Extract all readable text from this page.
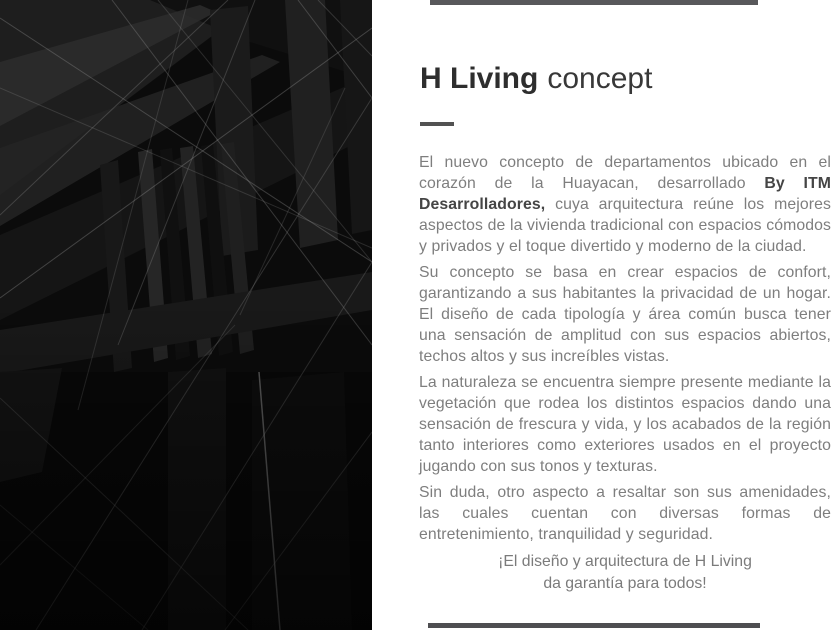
H Living concept

El nuevo concepto de departamentos ubicado en el corazón de la Huayacan, desarrollado By ITM Desarrolladores, cuya arquitectura reúne los mejores aspectos de la vivienda tradicional con espacios cómodos y privados y el toque divertido y moderno de la ciudad.

Su concepto se basa en crear espacios de confort, garantizando a sus habitantes la privacidad de un hogar. El diseño de cada tipología y área común busca tener una sensación de amplitud con sus espacios abiertos, techos altos y sus increíbles vistas.

La naturaleza se encuentra siempre presente mediante la vegetación que rodea los distintos espacios dando una sensación de frescura y vida, y los acabados de la región tanto interiores como exteriores usados en el proyecto jugando con sus tonos y texturas.

Sin duda, otro aspecto a resaltar son sus amenidades, las cuales cuentan con diversas formas de entretenimiento, tranquilidad y seguridad.

¡El diseño y arquitectura de H Living
da garantía para todos!
